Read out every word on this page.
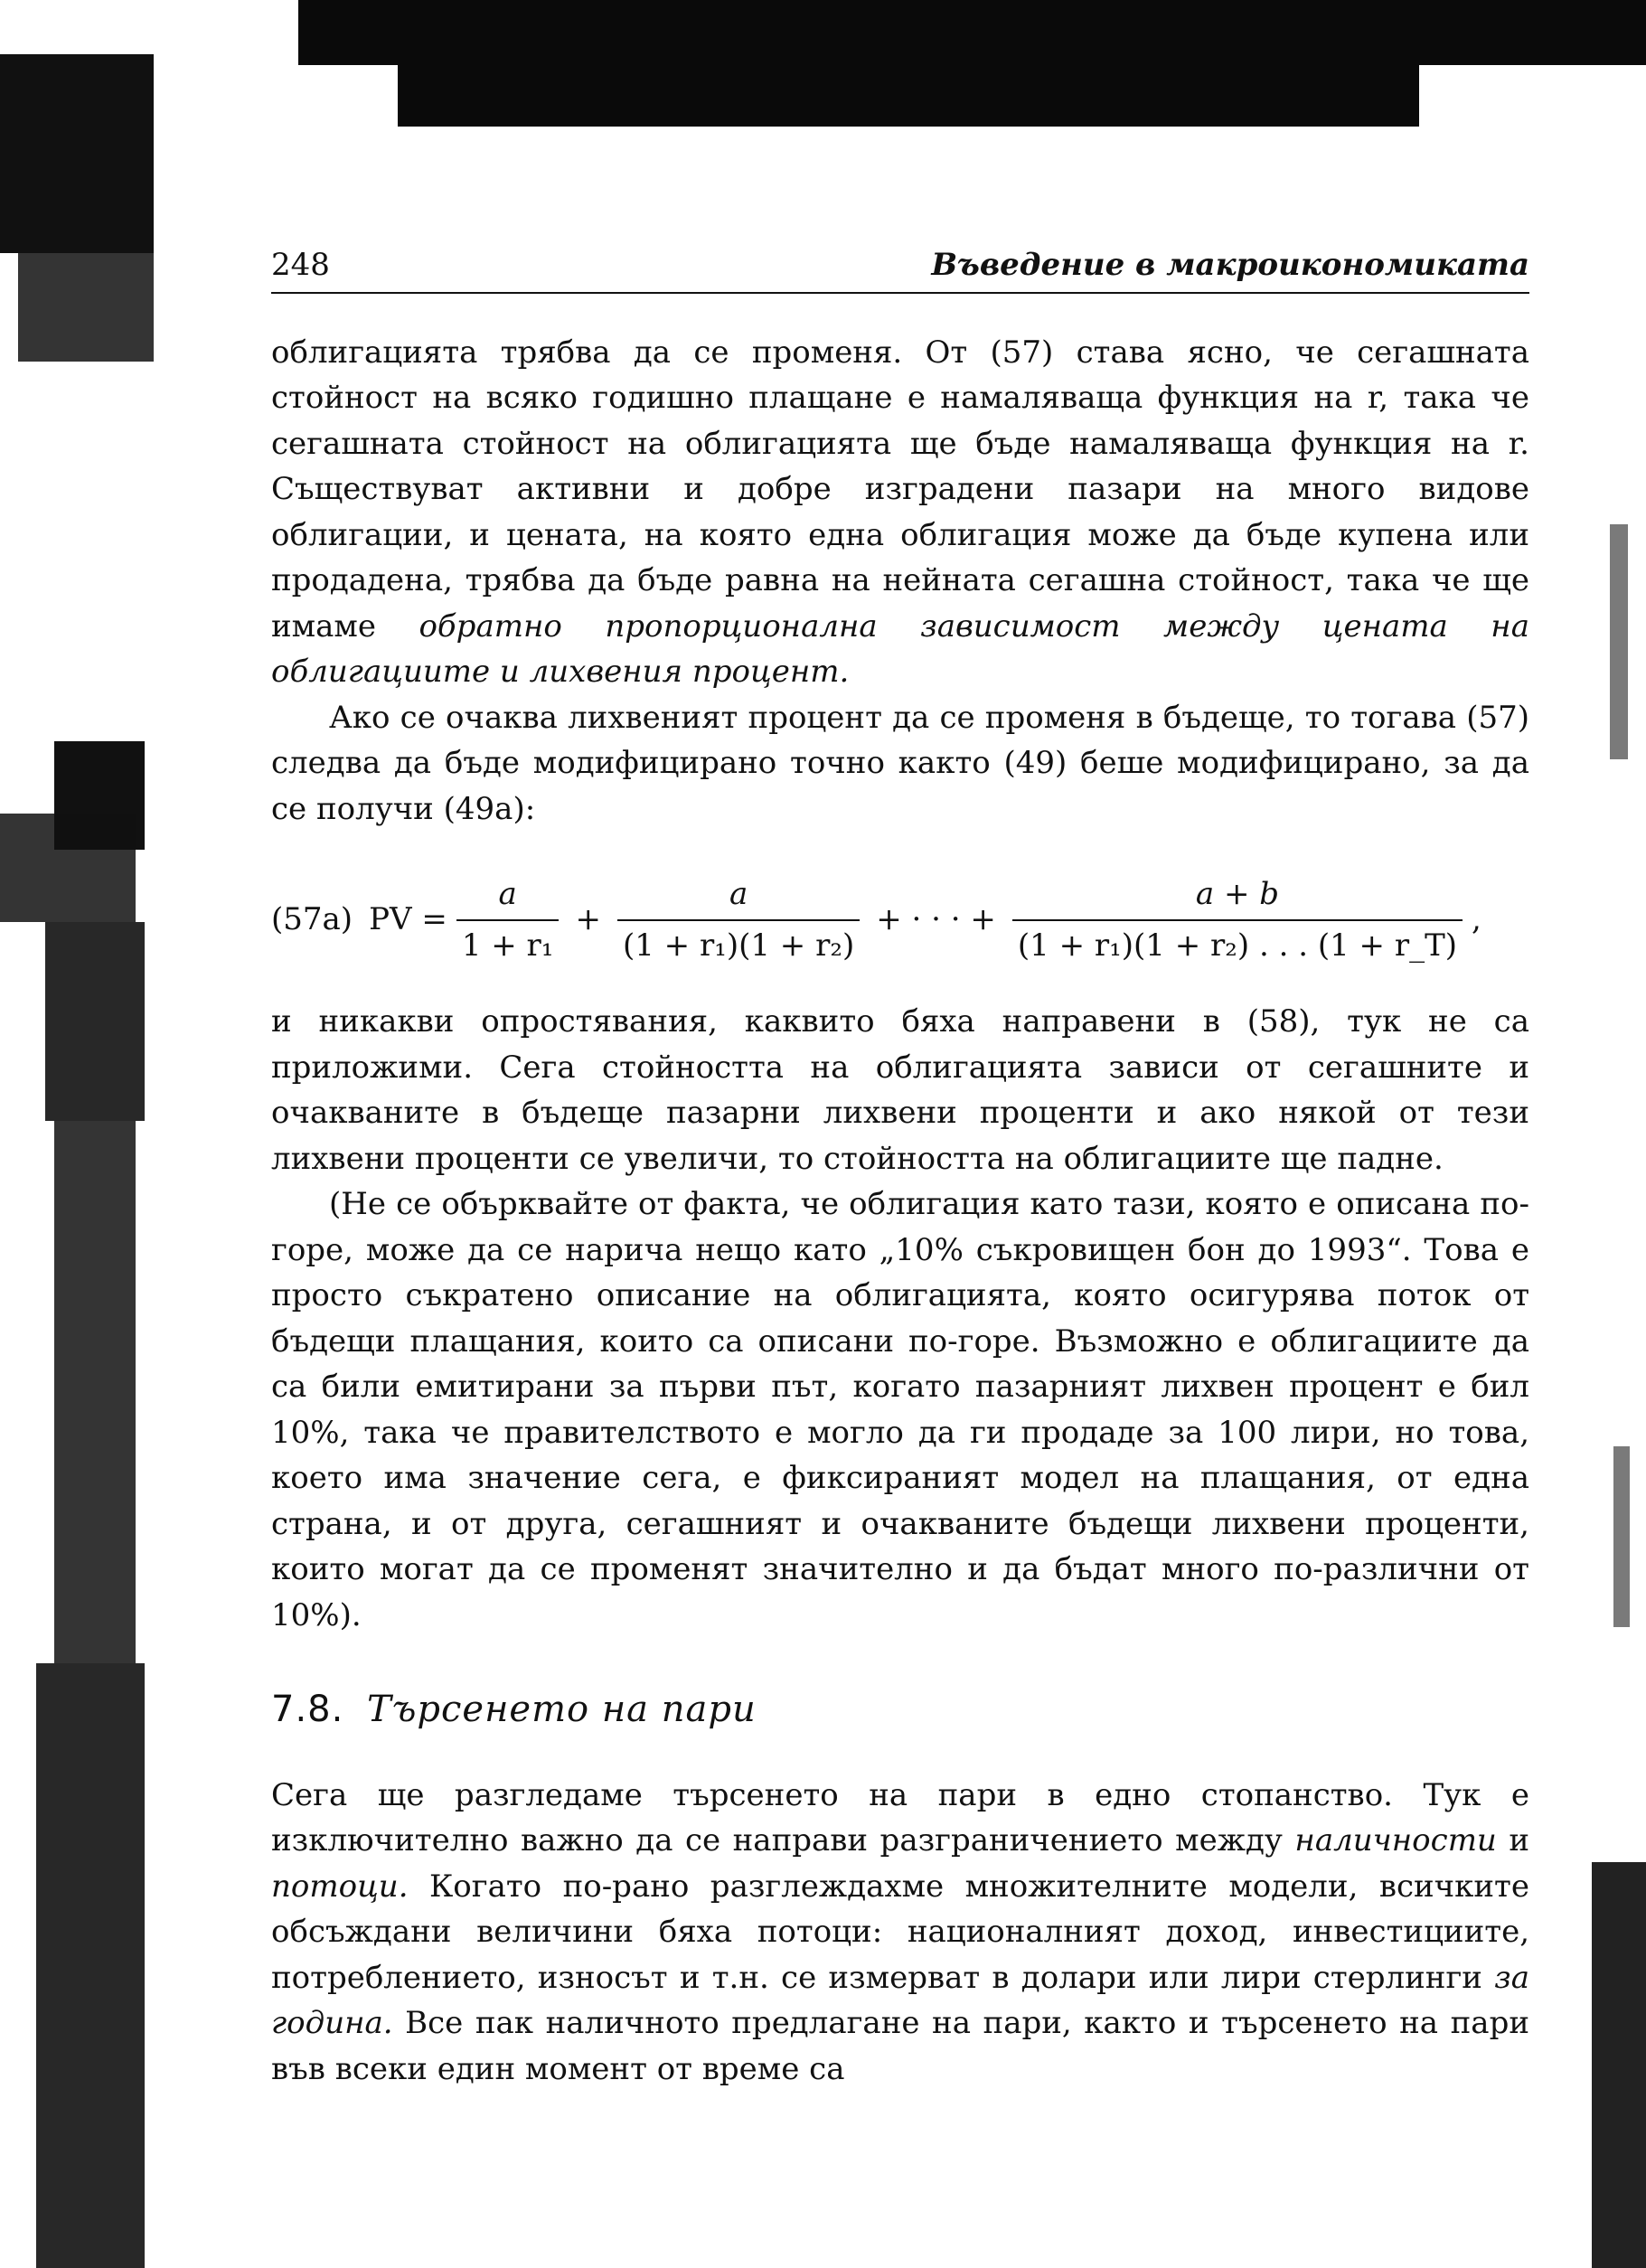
248	Въведение в макроикономиката

облигацията трябва да се променя. От (57) става ясно, че сегашната стойност на всяко годишно плащане е намаляваща функция на r, така че сегашната стойност на облигацията ще бъде намаляваща функция на r. Съществуват активни и добре изградени пазари на много видове облигации, и цената, на която една облигация може да бъде купена или продадена, трябва да бъде равна на нейната сегашна стойност, така че ще имаме обратно пропорционална зависимост между цената на облигациите и лихвения процент.

Ако се очаква лихвеният процент да се променя в бъдеще, то тогава (57) следва да бъде модифицирано точно както (49) беше модифицирано, за да се получи (49а):

(57а) PV = $\frac{a}{\text{1 + r₁}} + \frac{a}{\text{(1 + r₁)(1 + r₂)}}$ + · · · + $\frac{a + b}{\text{(1 + r₁)(1 + r₂) . . . (1 + r\_T)}}$ ,

и никакви опростявания, каквито бяха направени в (58), тук не са приложими. Сега стойността на облигацията зависи от сегашните и очакваните в бъдеще пазарни лихвени проценти и ако някой от тези лихвени проценти се увеличи, то стойността на облигациите ще падне.

(Не се обърквайте от факта, че облигация като тази, която е описана по-горе, може да се нарича нещо като „10% съкровищен бон до 1993“. Това е просто съкратено описание на облигацията, която осигурява поток от бъдещи плащания, които са описани по-горе. Възможно е облигациите да са били емитирани за първи път, когато пазарният лихвен процент е бил 10%, така че правителството е могло да ги продаде за 100 лири, но това, което има значение сега, е фиксираният модел на плащания, от една страна, и от друга, сегашният и очакваните бъдещи лихвени проценти, които могат да се променят значително и да бъдат много по-различни от 10%).

7.8. Търсенето на пари

Сега ще разгледаме търсенето на пари в едно стопанство. Тук е изключително важно да се направи разграничението между наличности и потоци. Когато по-рано разглеждахме множителните модели, всичките обсъждани величини бяха потоци: националният доход, инвестициите, потреблението, износът и т.н. се измерват в долари или лири стерлинги за година. Все пак наличното предлагане на пари, както и търсенето на пари във всеки един момент от време са
